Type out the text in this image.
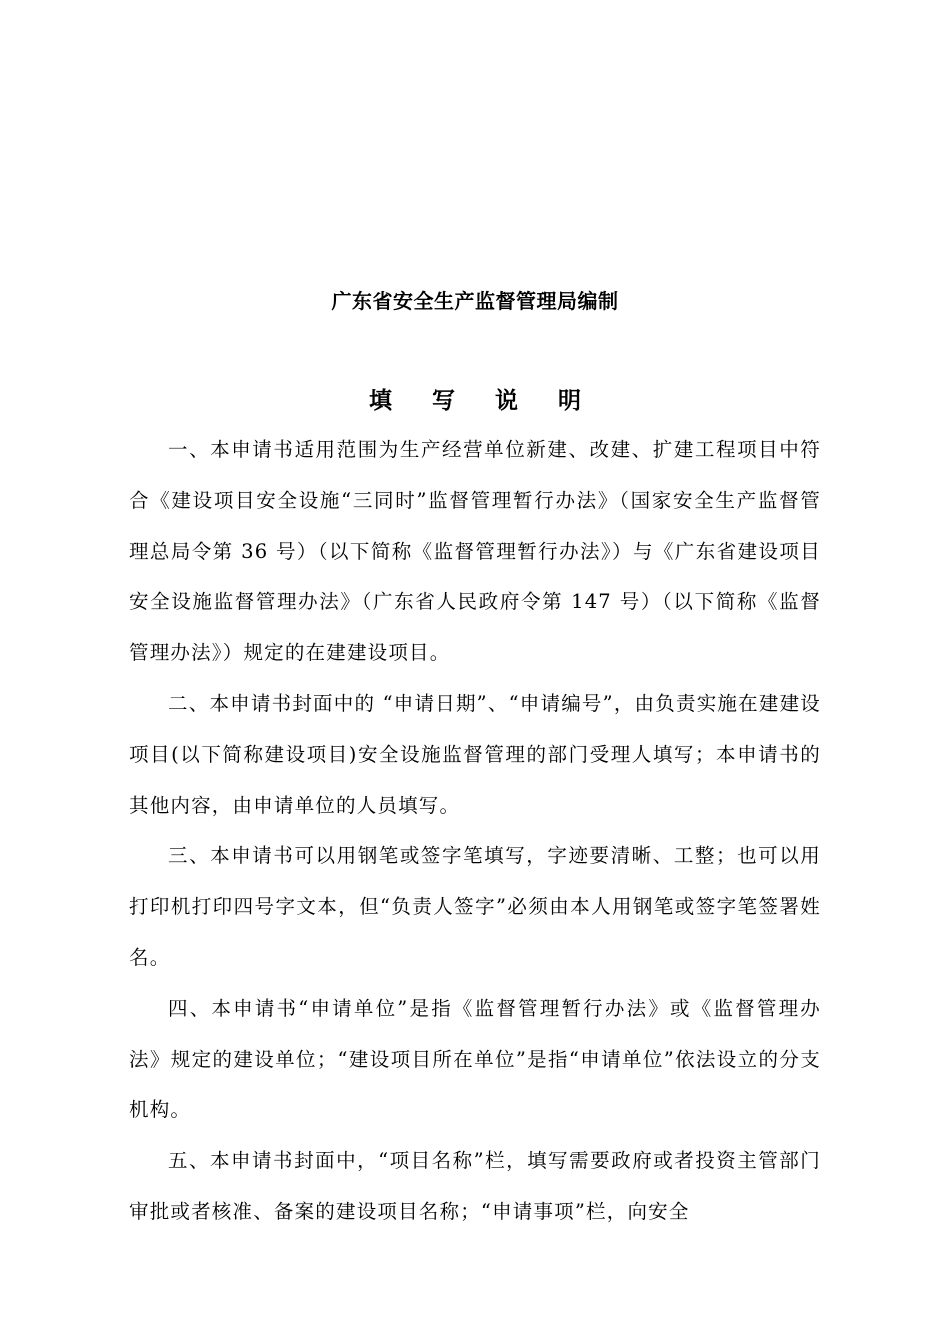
广东省安全生产监督管理局编制
填 写 说 明

一、本申请书适用范围为生产经营单位新建、改建、扩建工程项目中符合《建设项目安全设施“三同时”监督管理暂行办法》（国家安全生产监督管理总局令第 36 号）（以下简称《监督管理暂行办法》）与《广东省建设项目安全设施监督管理办法》（广东省人民政府令第 147 号）（以下简称《监督管理办法》）规定的在建建设项目。

二、本申请书封面中的 “申请日期”、“申请编号”，由负责实施在建建设项目(以下简称建设项目)安全设施监督管理的部门受理人填写；本申请书的其他内容，由申请单位的人员填写。

三、本申请书可以用钢笔或签字笔填写，字迹要清晰、工整；也可以用打印机打印四号字文本，但“负责人签字”必须由本人用钢笔或签字笔签署姓名。

四、本申请书“申请单位”是指《监督管理暂行办法》或《监督管理办法》规定的建设单位；“建设项目所在单位”是指“申请单位”依法设立的分支机构。

五、本申请书封面中，“项目名称”栏，填写需要政府或者投资主管部门审批或者核准、备案的建设项目名称；“申请事项”栏，向安全
